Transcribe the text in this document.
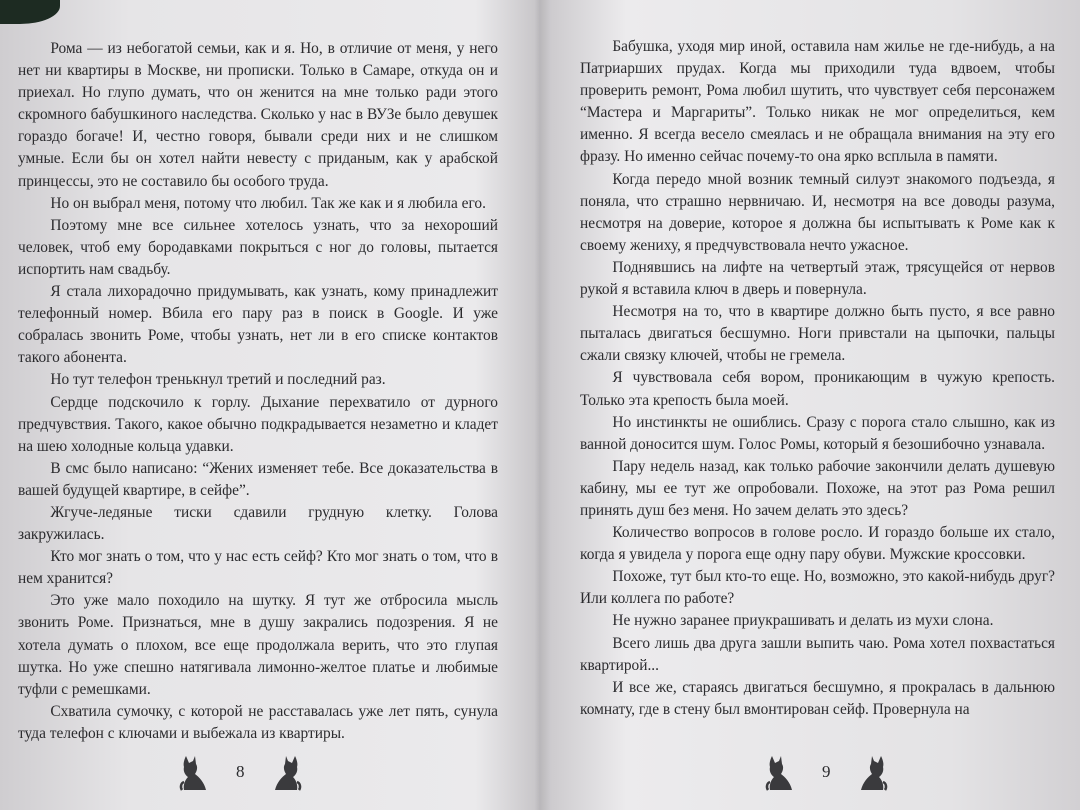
Рома — из небогатой семьи, как и я. Но, в отличие от меня, у него нет ни квартиры в Москве, ни прописки. Только в Самаре, откуда он и приехал. Но глупо думать, что он женится на мне только ради этого скромного бабушкиного наследства. Сколько у нас в ВУЗе было девушек гораздо богаче! И, честно говоря, бывали среди них и не слишком умные. Если бы он хотел найти невесту с приданым, как у арабской принцессы, это не составило бы особого труда.

Но он выбрал меня, потому что любил. Так же как и я любила его.

Поэтому мне все сильнее хотелось узнать, что за нехороший человек, чтоб ему бородавками покрыться с ног до головы, пытается испортить нам свадьбу.

Я стала лихорадочно придумывать, как узнать, кому принадлежит телефонный номер. Вбила его пару раз в поиск в Google. И уже собралась звонить Роме, чтобы узнать, нет ли в его списке контактов такого абонента.

Но тут телефон тренькнул третий и последний раз.

Сердце подскочило к горлу. Дыхание перехватило от дурного предчувствия. Такого, какое обычно подкрадывается незаметно и кладет на шею холодные кольца удавки.

В смс было написано: “Жених изменяет тебе. Все доказательства в вашей будущей квартире, в сейфе”.

Жгуче-ледяные тиски сдавили грудную клетку. Голова закружилась.

Кто мог знать о том, что у нас есть сейф? Кто мог знать о том, что в нем хранится?

Это уже мало походило на шутку. Я тут же отбросила мысль звонить Роме. Признаться, мне в душу закрались подозрения. Я не хотела думать о плохом, все еще продолжала верить, что это глупая шутка. Но уже спешно натягивала лимонно-желтое платье и любимые туфли с ремешками.

Схватила сумочку, с которой не расставалась уже лет пять, сунула туда телефон с ключами и выбежала из квартиры.

8

Бабушка, уходя мир иной, оставила нам жилье не где-нибудь, а на Патриарших прудах. Когда мы приходили туда вдвоем, чтобы проверить ремонт, Рома любил шутить, что чувствует себя персонажем “Мастера и Маргариты”. Только никак не мог определиться, кем именно. Я всегда весело смеялась и не обращала внимания на эту его фразу. Но именно сейчас почему-то она ярко всплыла в памяти.

Когда передо мной возник темный силуэт знакомого подъезда, я поняла, что страшно нервничаю. И, несмотря на все доводы разума, несмотря на доверие, которое я должна бы испытывать к Роме как к своему жениху, я предчувствовала нечто ужасное.

Поднявшись на лифте на четвертый этаж, трясущейся от нервов рукой я вставила ключ в дверь и повернула.

Несмотря на то, что в квартире должно быть пусто, я все равно пыталась двигаться бесшумно. Ноги привстали на цыпочки, пальцы сжали связку ключей, чтобы не гремела.

Я чувствовала себя вором, проникающим в чужую крепость. Только эта крепость была моей.

Но инстинкты не ошиблись. Сразу с порога стало слышно, как из ванной доносится шум. Голос Ромы, который я безошибочно узнавала.

Пару недель назад, как только рабочие закончили делать душевую кабину, мы ее тут же опробовали. Похоже, на этот раз Рома решил принять душ без меня. Но зачем делать это здесь?

Количество вопросов в голове росло. И гораздо больше их стало, когда я увидела у порога еще одну пару обуви. Мужские кроссовки.

Похоже, тут был кто-то еще. Но, возможно, это какой-нибудь друг? Или коллега по работе?

Не нужно заранее приукрашивать и делать из мухи слона.

Всего лишь два друга зашли выпить чаю. Рома хотел похвастаться квартирой...

И все же, стараясь двигаться бесшумно, я прокралась в дальнюю комнату, где в стену был вмонтирован сейф. Провернула на

9
